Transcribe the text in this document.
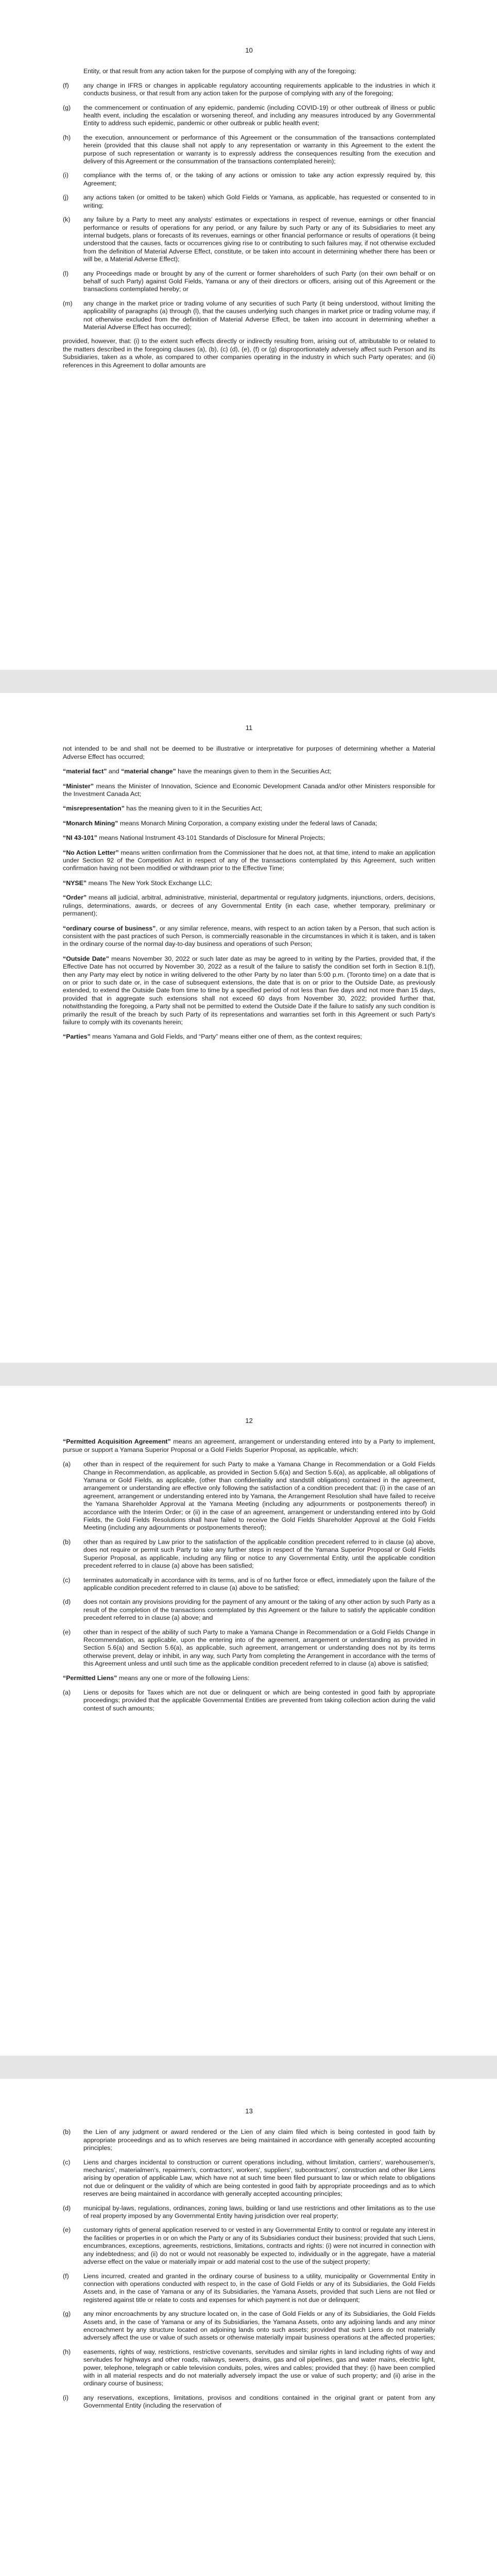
10
Entity, or that result from any action taken for the purpose of complying with any of the foregoing;
(f)	any change in IFRS or changes in applicable regulatory accounting requirements applicable to the industries in which it conducts business, or that result from any action taken for the purpose of complying with any of the foregoing;
(g)	the commencement or continuation of any epidemic, pandemic (including COVID-19) or other outbreak of illness or public health event, including the escalation or worsening thereof, and including any measures introduced by any Governmental Entity to address such epidemic, pandemic or other outbreak or public health event;
(h)	the execution, announcement or performance of this Agreement or the consummation of the transactions contemplated herein (provided that this clause shall not apply to any representation or warranty in this Agreement to the extent the purpose of such representation or warranty is to expressly address the consequences resulting from the execution and delivery of this Agreement or the consummation of the transactions contemplated herein);
(i)	compliance with the terms of, or the taking of any actions or omission to take any action expressly required by, this Agreement;
(j)	any actions taken (or omitted to be taken) which Gold Fields or Yamana, as applicable, has requested or consented to in writing;
(k)	any failure by a Party to meet any analysts' estimates or expectations in respect of revenue, earnings or other financial performance or results of operations for any period, or any failure by such Party or any of its Subsidiaries to meet any internal budgets, plans or forecasts of its revenues, earnings or other financial performance or results of operations (it being understood that the causes, facts or occurrences giving rise to or contributing to such failures may, if not otherwise excluded from the definition of Material Adverse Effect, constitute, or be taken into account in determining whether there has been or will be, a Material Adverse Effect);
(l)	any Proceedings made or brought by any of the current or former shareholders of such Party (on their own behalf or on behalf of such Party) against Gold Fields, Yamana or any of their directors or officers, arising out of this Agreement or the transactions contemplated hereby; or
(m)	any change in the market price or trading volume of any securities of such Party (it being understood, without limiting the applicability of paragraphs (a) through (l), that the causes underlying such changes in market price or trading volume may, if not otherwise excluded from the definition of Material Adverse Effect, be taken into account in determining whether a Material Adverse Effect has occurred);
provided, however, that: (i) to the extent such effects directly or indirectly resulting from, arising out of, attributable to or related to the matters described in the foregoing clauses (a), (b), (c) (d), (e), (f) or (g) disproportionately adversely affect such Person and its Subsidiaries, taken as a whole, as compared to other companies operating in the industry in which such Party operates; and (ii) references in this Agreement to dollar amounts are
11
not intended to be and shall not be deemed to be illustrative or interpretative for purposes of determining whether a Material Adverse Effect has occurred;
“material fact” and “material change” have the meanings given to them in the Securities Act;
“Minister” means the Minister of Innovation, Science and Economic Development Canada and/or other Ministers responsible for the Investment Canada Act;
“misrepresentation” has the meaning given to it in the Securities Act;
“Monarch Mining” means Monarch Mining Corporation, a company existing under the federal laws of Canada;
“NI 43-101” means National Instrument 43-101 Standards of Disclosure for Mineral Projects;
“No Action Letter” means written confirmation from the Commissioner that he does not, at that time, intend to make an application under Section 92 of the Competition Act in respect of any of the transactions contemplated by this Agreement, such written confirmation having not been modified or withdrawn prior to the Effective Time;
“NYSE” means The New York Stock Exchange LLC;
“Order” means all judicial, arbitral, administrative, ministerial, departmental or regulatory judgments, injunctions, orders, decisions, rulings, determinations, awards, or decrees of any Governmental Entity (in each case, whether temporary, preliminary or permanent);
“ordinary course of business”, or any similar reference, means, with respect to an action taken by a Person, that such action is consistent with the past practices of such Person, is commercially reasonable in the circumstances in which it is taken, and is taken in the ordinary course of the normal day-to-day business and operations of such Person;
“Outside Date” means November 30, 2022 or such later date as may be agreed to in writing by the Parties, provided that, if the Effective Date has not occurred by November 30, 2022 as a result of the failure to satisfy the condition set forth in Section 8.1(f), then any Party may elect by notice in writing delivered to the other Party by no later than 5:00 p.m. (Toronto time) on a date that is on or prior to such date or, in the case of subsequent extensions, the date that is on or prior to the Outside Date, as previously extended, to extend the Outside Date from time to time by a specified period of not less than five days and not more than 15 days, provided that in aggregate such extensions shall not exceed 60 days from November 30, 2022; provided further that, notwithstanding the foregoing, a Party shall not be permitted to extend the Outside Date if the failure to satisfy any such condition is primarily the result of the breach by such Party of its representations and warranties set forth in this Agreement or such Party's failure to comply with its covenants herein;
“Parties” means Yamana and Gold Fields, and “Party” means either one of them, as the context requires;
12
“Permitted Acquisition Agreement” means an agreement, arrangement or understanding entered into by a Party to implement, pursue or support a Yamana Superior Proposal or a Gold Fields Superior Proposal, as applicable, which:
(a)	other than in respect of the requirement for such Party to make a Yamana Change in Recommendation or a Gold Fields Change in Recommendation, as applicable, as provided in Section 5.6(a) and Section 5.6(a), as applicable, all obligations of Yamana or Gold Fields, as applicable, (other than confidentiality and standstill obligations) contained in the agreement, arrangement or understanding are effective only following the satisfaction of a condition precedent that: (i) in the case of an agreement, arrangement or understanding entered into by Yamana, the Arrangement Resolution shall have failed to receive the Yamana Shareholder Approval at the Yamana Meeting (including any adjournments or postponements thereof) in accordance with the Interim Order; or (ii) in the case of an agreement, arrangement or understanding entered into by Gold Fields, the Gold Fields Resolutions shall have failed to receive the Gold Fields Shareholder Approval at the Gold Fields Meeting (including any adjournments or postponements thereof);
(b)	other than as required by Law prior to the satisfaction of the applicable condition precedent referred to in clause (a) above, does not require or permit such Party to take any further steps in respect of the Yamana Superior Proposal or Gold Fields Superior Proposal, as applicable, including any filing or notice to any Governmental Entity, until the applicable condition precedent referred to in clause (a) above has been satisfied;
(c)	terminates automatically in accordance with its terms, and is of no further force or effect, immediately upon the failure of the applicable condition precedent referred to in clause (a) above to be satisfied;
(d)	does not contain any provisions providing for the payment of any amount or the taking of any other action by such Party as a result of the completion of the transactions contemplated by this Agreement or the failure to satisfy the applicable condition precedent referred to in clause (a) above; and
(e)	other than in respect of the ability of such Party to make a Yamana Change in Recommendation or a Gold Fields Change in Recommendation, as applicable, upon the entering into of the agreement, arrangement or understanding as provided in Section 5.6(a) and Section 5.6(a), as applicable, such agreement, arrangement or understanding does not by its terms otherwise prevent, delay or inhibit, in any way, such Party from completing the Arrangement in accordance with the terms of this Agreement unless and until such time as the applicable condition precedent referred to in clause (a) above is satisfied;
“Permitted Liens” means any one or more of the following Liens:
(a)	Liens or deposits for Taxes which are not due or delinquent or which are being contested in good faith by appropriate proceedings; provided that the applicable Governmental Entities are prevented from taking collection action during the valid contest of such amounts;
13
(b)	the Lien of any judgment or award rendered or the Lien of any claim filed which is being contested in good faith by appropriate proceedings and as to which reserves are being maintained in accordance with generally accepted accounting principles;
(c)	Liens and charges incidental to construction or current operations including, without limitation, carriers', warehousemen's, mechanics', materialmen's, repairmen's, contractors', workers', suppliers', subcontractors', construction and other like Liens arising by operation of applicable Law, which have not at such time been filed pursuant to law or which relate to obligations not due or delinquent or the validity of which are being contested in good faith by appropriate proceedings and as to which reserves are being maintained in accordance with generally accepted accounting principles;
(d)	municipal by-laws, regulations, ordinances, zoning laws, building or land use restrictions and other limitations as to the use of real property imposed by any Governmental Entity having jurisdiction over real property;
(e)	customary rights of general application reserved to or vested in any Governmental Entity to control or regulate any interest in the facilities or properties in or on which the Party or any of its Subsidiaries conduct their business; provided that such Liens, encumbrances, exceptions, agreements, restrictions, limitations, contracts and rights: (i) were not incurred in connection with any indebtedness; and (ii) do not or would not reasonably be expected to, individually or in the aggregate, have a material adverse effect on the value or materially impair or add material cost to the use of the subject property;
(f)	Liens incurred, created and granted in the ordinary course of business to a utility, municipality or Governmental Entity in connection with operations conducted with respect to, in the case of Gold Fields or any of its Subsidiaries, the Gold Fields Assets and, in the case of Yamana or any of its Subsidiaries, the Yamana Assets, provided that such Liens are not filed or registered against title or relate to costs and expenses for which payment is not due or delinquent;
(g)	any minor encroachments by any structure located on, in the case of Gold Fields or any of its Subsidiaries, the Gold Fields Assets and, in the case of Yamana or any of its Subsidiaries, the Yamana Assets, onto any adjoining lands and any minor encroachment by any structure located on adjoining lands onto such assets; provided that such Liens do not materially adversely affect the use or value of such assets or otherwise materially impair business operations at the affected properties;
(h)	easements, rights of way, restrictions, restrictive covenants, servitudes and similar rights in land including rights of way and servitudes for highways and other roads, railways, sewers, drains, gas and oil pipelines, gas and water mains, electric light, power, telephone, telegraph or cable television conduits, poles, wires and cables; provided that they: (i) have been complied with in all material respects and do not materially adversely impact the use or value of such property; and (ii) arise in the ordinary course of business;
(i)	any reservations, exceptions, limitations, provisos and conditions contained in the original grant or patent from any Governmental Entity (including the reservation of
